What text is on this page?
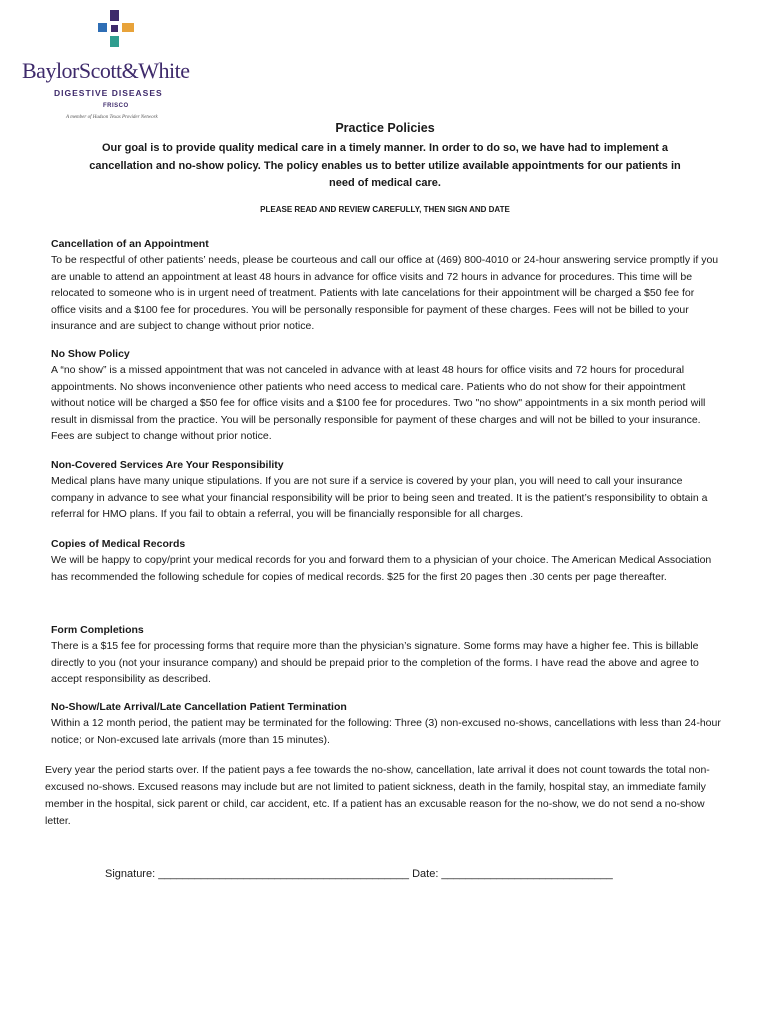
BaylorScott&White
DIGESTIVE DISEASES
FRISCO
A member of Hudson Texas Provider Network
Practice Policies
Our goal is to provide quality medical care in a timely manner. In order to do so, we have had to implement a cancellation and no-show policy. The policy enables us to better utilize available appointments for our patients in need of medical care.
PLEASE READ AND REVIEW CAREFULLY, THEN SIGN AND DATE
Cancellation of an Appointment

To be respectful of other patients’ needs, please be courteous and call our office at (469) 800-4010 or 24-hour answering service promptly if you are unable to attend an appointment at least 48 hours in advance for office visits and 72 hours in advance for procedures. This time will be relocated to someone who is in urgent need of treatment. Patients with late cancelations for their appointment will be charged a $50 fee for office visits and a $100 fee for procedures. You will be personally responsible for payment of these charges. Fees will not be billed to your insurance and are subject to change without prior notice.

No Show Policy

A “no show” is a missed appointment that was not canceled in advance with at least 48 hours for office visits and 72 hours for procedural appointments. No shows inconvenience other patients who need access to medical care. Patients who do not show for their appointment without notice will be charged a $50 fee for office visits and a $100 fee for procedures. Two "no show" appointments in a six month period will result in dismissal from the practice. You will be personally responsible for payment of these charges and will not be billed to your insurance. Fees are subject to change without prior notice.

Non-Covered Services Are Your Responsibility

Medical plans have many unique stipulations. If you are not sure if a service is covered by your plan, you will need to call your insurance company in advance to see what your financial responsibility will be prior to being seen and treated. It is the patient’s responsibility to obtain a referral for HMO plans. If you fail to obtain a referral, you will be financially responsible for all charges.

Copies of Medical Records

We will be happy to copy/print your medical records for you and forward them to a physician of your choice. The American Medical Association has recommended the following schedule for copies of medical records. $25 for the first 20 pages then .30 cents per page thereafter.

Form Completions

There is a $15 fee for processing forms that require more than the physician’s signature. Some forms may have a higher fee. This is billable directly to you (not your insurance company) and should be prepaid prior to the completion of the forms. I have read the above and agree to accept responsibility as described.

No-Show/Late Arrival/Late Cancellation Patient Termination

Within a 12 month period, the patient may be terminated for the following: Three (3) non-excused no-shows, cancellations with less than 24-hour notice; or Non-excused late arrivals (more than 15 minutes).

Every year the period starts over. If the patient pays a fee towards the no-show, cancellation, late arrival it does not count towards the total non-excused no-shows. Excused reasons may include but are not limited to patient sickness, death in the family, hospital stay, an immediate family member in the hospital, sick parent or child, car accident, etc. If a patient has an excusable reason for the no-show, we do not send a no-show letter.

Signature: _________________________________________ Date: ____________________________
